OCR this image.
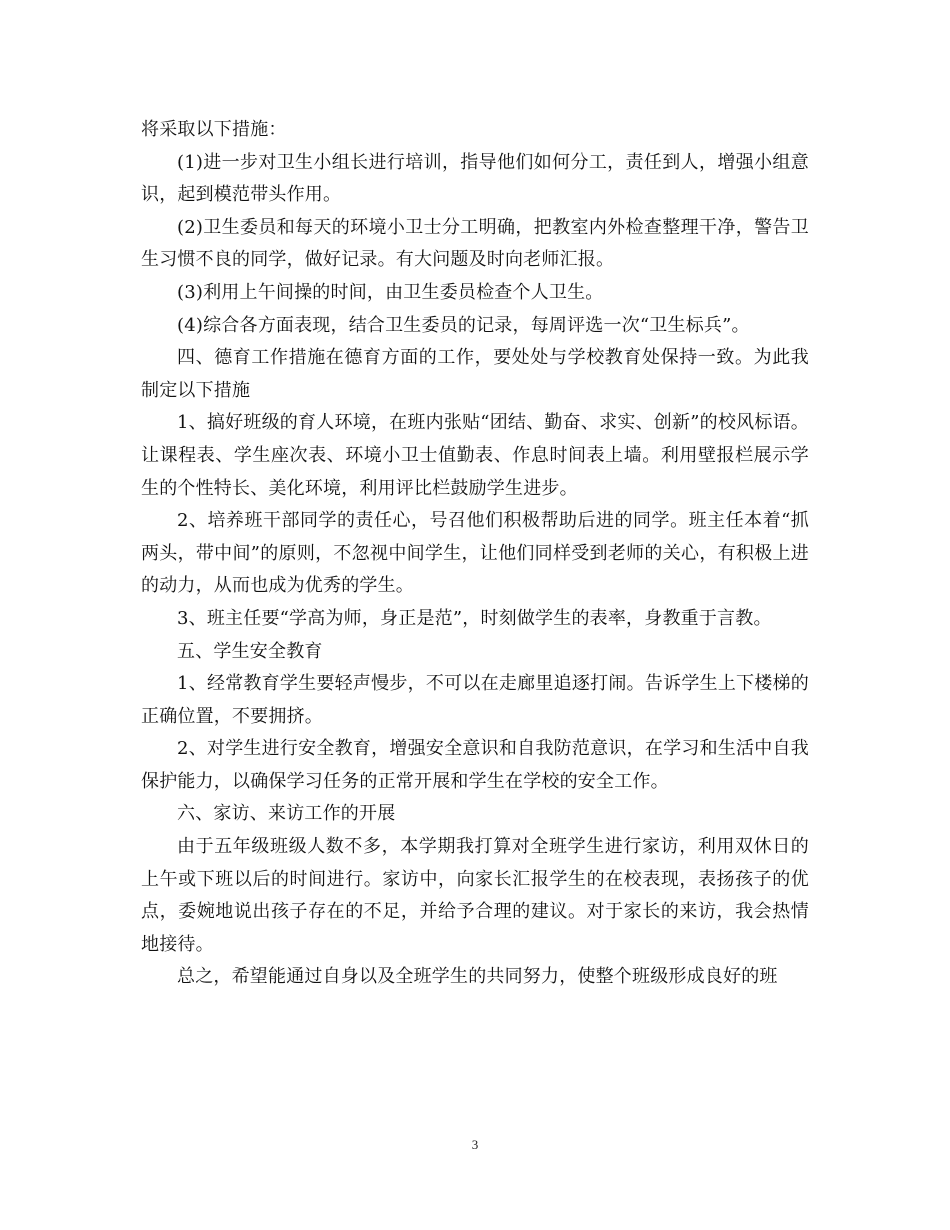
将采取以下措施：

(1)进一步对卫生小组长进行培训，指导他们如何分工，责任到人，增强小组意识，起到模范带头作用。

(2)卫生委员和每天的环境小卫士分工明确，把教室内外检查整理干净，警告卫生习惯不良的同学，做好记录。有大问题及时向老师汇报。

(3)利用上午间操的时间，由卫生委员检查个人卫生。

(4)综合各方面表现，结合卫生委员的记录，每周评选一次“卫生标兵”。

四、德育工作措施在德育方面的工作，要处处与学校教育处保持一致。为此我制定以下措施

1、搞好班级的育人环境，在班内张贴“团结、勤奋、求实、创新”的校风标语。让课程表、学生座次表、环境小卫士值勤表、作息时间表上墙。利用壁报栏展示学生的个性特长、美化环境，利用评比栏鼓励学生进步。

2、培养班干部同学的责任心，号召他们积极帮助后进的同学。班主任本着“抓两头，带中间”的原则，不忽视中间学生，让他们同样受到老师的关心，有积极上进的动力，从而也成为优秀的学生。

3、班主任要“学高为师，身正是范”，时刻做学生的表率，身教重于言教。

五、学生安全教育

1、经常教育学生要轻声慢步，不可以在走廊里追逐打闹。告诉学生上下楼梯的正确位置，不要拥挤。

2、对学生进行安全教育，增强安全意识和自我防范意识，在学习和生活中自我保护能力，以确保学习任务的正常开展和学生在学校的安全工作。

六、家访、来访工作的开展

由于五年级班级人数不多，本学期我打算对全班学生进行家访，利用双休日的上午或下班以后的时间进行。家访中，向家长汇报学生的在校表现，表扬孩子的优点，委婉地说出孩子存在的不足，并给予合理的建议。对于家长的来访，我会热情地接待。

总之，希望能通过自身以及全班学生的共同努力，使整个班级形成良好的班

3
